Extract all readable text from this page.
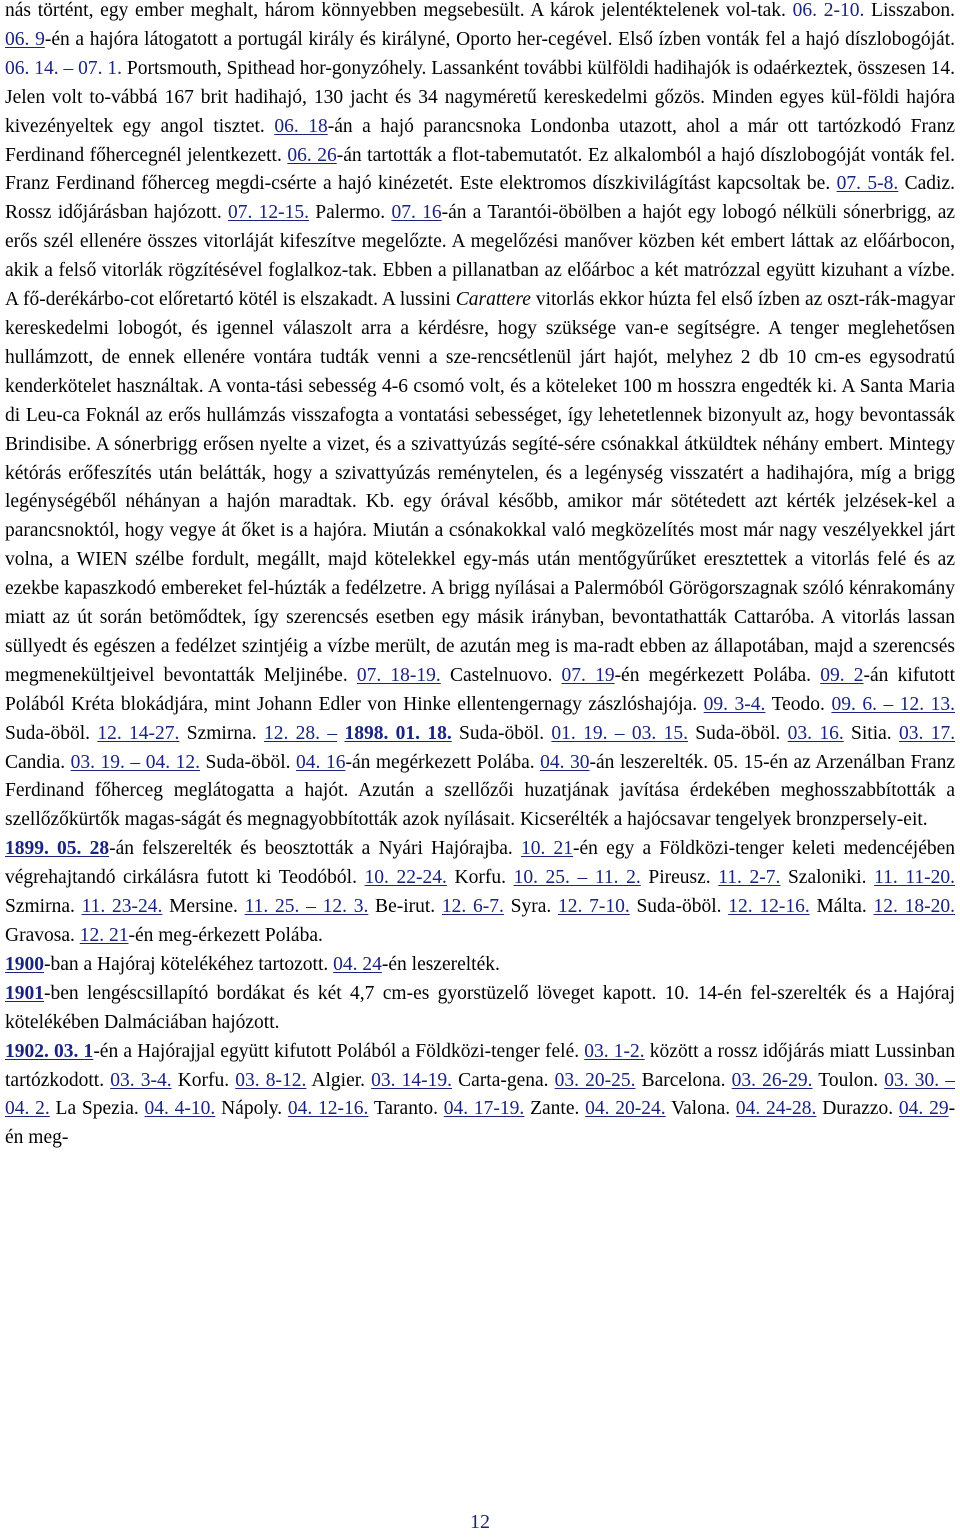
nás történt, egy ember meghalt, három könnyebben megsebesült. A károk jelentéktelenek vol-tak. 06. 2-10. Lisszabon. 06. 9-én a hajóra látogatott a portugál király és királyné, Oporto her-cegével. Első ízben vonták fel a hajó díszlobogóját. 06. 14. – 07. 1. Portsmouth, Spithead hor-gonyzóhely. Lassanként további külföldi hadihajók is odaérkeztek, összesen 14. Jelen volt to-vábbá 167 brit hadihajó, 130 jacht és 34 nagyméretű kereskedelmi gőzös. Minden egyes kül-földi hajóra kivezényeltek egy angol tisztet. 06. 18-án a hajó parancsnoka Londonba utazott, ahol a már ott tartózkodó Franz Ferdinand főhercegnél jelentkezett. 06. 26-án tartották a flot-tabemutatót. Ez alkalomból a hajó díszlobogóját vonták fel. Franz Ferdinand főherceg megdi-csérte a hajó kinézetét. Este elektromos díszkivilágítást kapcsoltak be. 07. 5-8. Cadiz. Rossz időjárásban hajózott. 07. 12-15. Palermo. 07. 16-án a Tarantói-öbölben a hajót egy lobogó nélküli sónerbrigg, az erős szél ellenére összes vitorláját kifeszítve megelőzte. A megelőzési manőver közben két embert láttak az előárbocon, akik a felső vitorlák rögzítésével foglalkoz-tak. Ebben a pillanatban az előárboc a két matrózzal együtt kizuhant a vízbe. A fő-derékárbo-cot előretartó kötél is elszakadt. A lussini Carattere vitorlás ekkor húzta fel első ízben az oszt-rák-magyar kereskedelmi lobogót, és igennel válaszolt arra a kérdésre, hogy szüksége van-e segítségre. A tenger meglehetősen hullámzott, de ennek ellenére vontára tudták venni a sze-rencsétlenül járt hajót, melyhez 2 db 10 cm-es egysodratú kenderkötelet használtak. A vonta-tási sebesség 4-6 csomó volt, és a köteleket 100 m hosszra engedték ki. A Santa Maria di Leu-ca Foknál az erős hullámzás visszafogta a vontatási sebességet, így lehetetlennek bizonyult az, hogy bevontassák Brindisibe. A sónerbrigg erősen nyelte a vizet, és a szivattyúzás segíté-sére csónakkal átküldtek néhány embert. Mintegy kétórás erőfeszítés után belátták, hogy a szivattyúzás reménytelen, és a legénység visszatért a hadihajóra, míg a brigg legénységéből néhányan a hajón maradtak. Kb. egy órával később, amikor már sötétedett azt kérték jelzések-kel a parancsnoktól, hogy vegye át őket is a hajóra. Miután a csónakokkal való megközelítés most már nagy veszélyekkel járt volna, a WIEN szélbe fordult, megállt, majd kötelekkel egy-más után mentőgyűrűket eresztettek a vitorlás felé és az ezekbe kapaszkodó embereket fel-húzták a fedélzetre. A brigg nyílásai a Palermóból Görögorszagnak szóló kénrakomány miatt az út során betömődtek, így szerencsés esetben egy másik irányban, bevontathatták Cattaróba. A vitorlás lassan süllyedt és egészen a fedélzet szintjéig a vízbe merült, de azután meg is ma-radt ebben az állapotában, majd a szerencsés megmenekültjeivel bevontatták Meljinébe. 07. 18-19. Castelnuovo. 07. 19-én megérkezett Polába. 09. 2-án kifutott Polából Kréta blokádjára, mint Johann Edler von Hinke ellentengernagy zászlóshajója. 09. 3-4. Teodo. 09. 6. – 12. 13. Suda-öböl. 12. 14-27. Szmirna. 12. 28. – 1898. 01. 18. Suda-öböl. 01. 19. – 03. 15. Suda-öböl. 03. 16. Sitia. 03. 17. Candia. 03. 19. – 04. 12. Suda-öböl. 04. 16-án megérkezett Polába. 04. 30-án leszerelték. 05. 15-én az Arzenálban Franz Ferdinand főherceg meglátogatta a hajót. Azután a szellőzői huzatjának javítása érdekében meghosszabbították a szellőzőkürtők magas-ságát és megnagyobbították azok nyílásait. Kicserélték a hajócsavar tengelyek bronzpersely-eit.

1899. 05. 28-án felszerelték és beosztották a Nyári Hajórajba. 10. 21-én egy a Földközi-tenger keleti medencéjében végrehajtandó cirkálásra futott ki Teodóból. 10. 22-24. Korfu. 10. 25. – 11. 2. Pireusz. 11. 2-7. Szaloniki. 11. 11-20. Szmirna. 11. 23-24. Mersine. 11. 25. – 12. 3. Be-irut. 12. 6-7. Syra. 12. 7-10. Suda-öböl. 12. 12-16. Málta. 12. 18-20. Gravosa. 12. 21-én meg-érkezett Polába.

1900-ban a Hajóraj kötelékéhez tartozott. 04. 24-én leszerelték.

1901-ben lengéscsillapító bordákat és két 4,7 cm-es gyorstüzelő löveget kapott. 10. 14-én fel-szerelték és a Hajóraj kötelékében Dalmáciában hajózott.

1902. 03. 1-én a Hajórajjal együtt kifutott Polából a Földközi-tenger felé. 03. 1-2. között a rossz időjárás miatt Lussinban tartózkodott. 03. 3-4. Korfu. 03. 8-12. Algier. 03. 14-19. Carta-gena. 03. 20-25. Barcelona. 03. 26-29. Toulon. 03. 30. – 04. 2. La Spezia. 04. 4-10. Nápoly. 04. 12-16. Taranto. 04. 17-19. Zante. 04. 20-24. Valona. 04. 24-28. Durazzo. 04. 29-én meg-

12
